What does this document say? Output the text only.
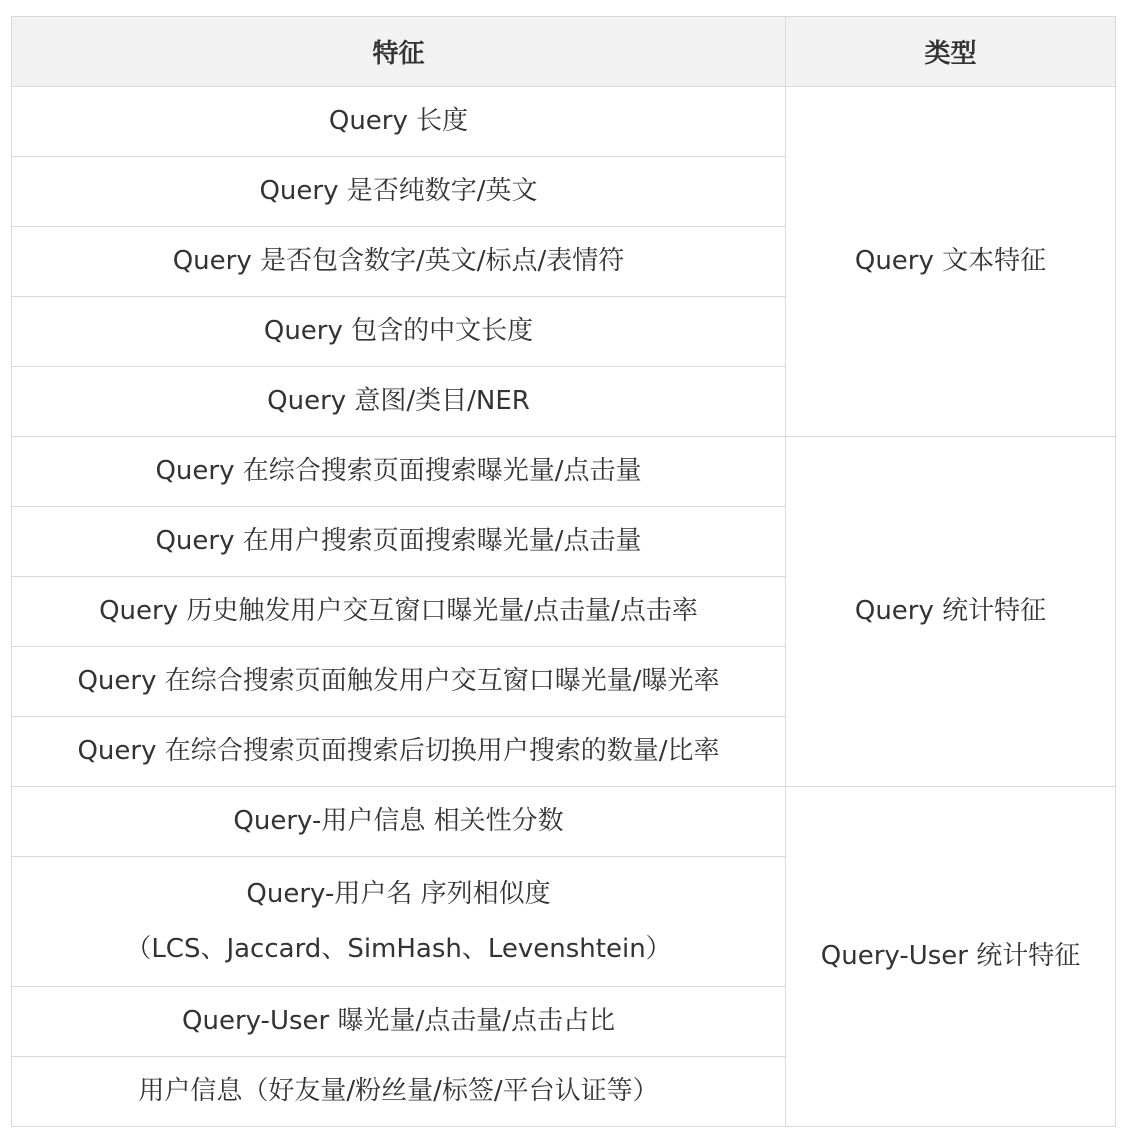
特征	类型

Query 长度	Query 文本特征

Query 是否纯数字/英文	

Query 是否包含数字/英文/标点/表情符	

Query 包含的中文长度	

Query 意图/类目/NER	

Query 在综合搜索页面搜索曝光量/点击量	Query 统计特征

Query 在用户搜索页面搜索曝光量/点击量	

Query 历史触发用户交互窗口曝光量/点击量/点击率	

Query 在综合搜索页面触发用户交互窗口曝光量/曝光率	

Query 在综合搜索页面搜索后切换用户搜索的数量/比率	

Query-用户信息 相关性分数	Query-User 统计特征

Query-用户名 序列相似度
（LCS、Jaccard、SimHash、Levenshtein）	

Query-User 曝光量/点击量/点击占比	

用户信息（好友量/粉丝量/标签/平台认证等）	
